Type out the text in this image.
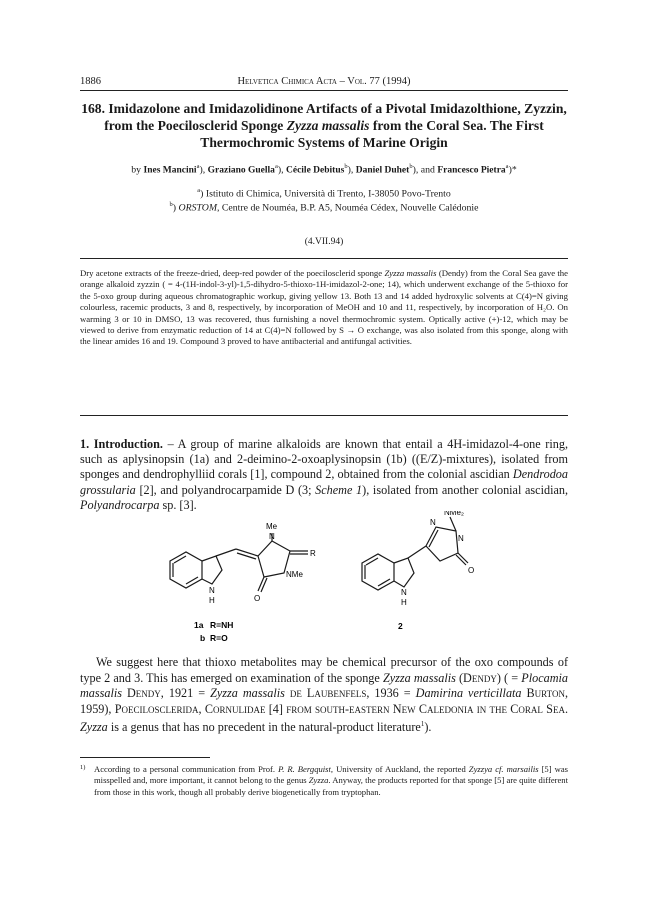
1886	Helvetica Chimica Acta – Vol. 77 (1994)
168. Imidazolone and Imidazolidinone Artifacts of a Pivotal Imidazolthione, Zyzzin, from the Poecilosclerid Sponge Zyzza massalis from the Coral Sea. The First Thermochromic Systems of Marine Origin
by Ines Mancini$^a$), Graziano Guella$^a$), Cécile Debitus$^b$), Daniel Duhet$^b$), and Francesco Pietra$^a$)*
$^a$) Istituto di Chimica, Università di Trento, I-38050 Povo-Trento
$^b$) ORSTOM, Centre de Nouméa, B.P. A5, Nouméa Cédex, Nouvelle Calédonie
(4.VII.94)

Dry acetone extracts of the freeze-dried, deep-red powder of the poecilosclerid sponge Zyzza massalis (Dendy) from the Coral Sea gave the orange alkaloid zyzzin ( = 4-(1H-indol-3-yl)-1,5-dihydro-5-thioxo-1H-imidazol-2-one; 14), which underwent exchange of the 5-thioxo for the 5-oxo group during aqueous chromatographic workup, giving yellow 13. Both 13 and 14 added hydroxylic solvents at C(4)=N giving colourless, racemic products, 3 and 8, respectively, by incorporation of MeOH and 10 and 11, respectively, by incorporation of H₂O. On warming 3 or 10 in DMSO, 13 was recovered, thus furnishing a novel thermochromic system. Optically active (+)-12, which may be viewed to derive from enzymatic reduction of 14 at C(4)=N followed by S → O exchange, was also isolated from this sponge, along with the linear amides 16 and 19. Compound 3 proved to have antibacterial and antifungal activities.

1. Introduction. – A group of marine alkaloids are known that entail a 4H-imidazol-4-one ring, such as aplysinopsin (1a) and 2-deimino-2-oxoaplysinopsin (1b) ((E/Z)-mixtures), isolated from sponges and dendrophylliid corals [1], compound 2, obtained from the colonial ascidian Dendrodoa grossularia [2], and polyandrocarpamide D (3; Scheme 1), isolated from another colonial ascidian, Polyandrocarpa sp. [3].

Me
N
R
NMe
O
N
H
NMe₂
N
N
O
N
H
1a R=NH
b R=O
2

We suggest here that thioxo metabolites may be chemical precursor of the oxo compounds of type 2 and 3. This has emerged on examination of the sponge Zyzza massalis (Dendy) ( = Plocamia massalis Dendy, 1921 = Zyzza massalis de Laubenfels, 1936 = Damirina verticillata Burton, 1959), Poecilosclerida, Cornulidae [4] from south-eastern New Caledonia in the Coral Sea. Zyzza is a genus that has no precedent in the natural-product literature$^1$).

1) According to a personal communication from Prof. P. R. Bergquist, University of Auckland, the reported Zyzzya cf. marsailis [5] was misspelled and, more important, it cannot belong to the genus Zyzza. Anyway, the products reported for that sponge [5] are quite different from those in this work, though all probably derive biogenetically from tryptophan.
